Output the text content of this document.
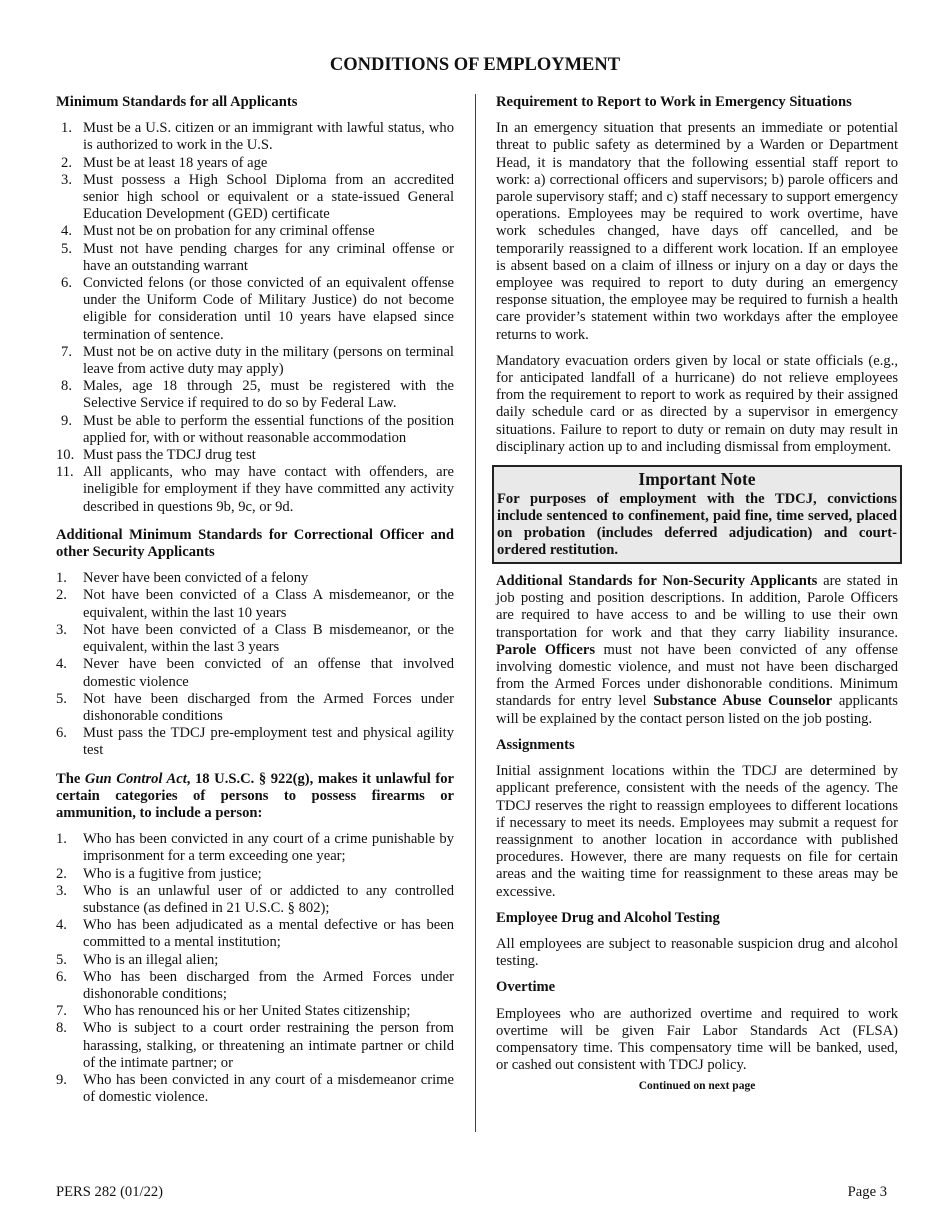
CONDITIONS OF EMPLOYMENT
Minimum Standards for all Applicants
1. Must be a U.S. citizen or an immigrant with lawful status, who is authorized to work in the U.S.
2. Must be at least 18 years of age
3. Must possess a High School Diploma from an accredited senior high school or equivalent or a state-issued General Education Development (GED) certificate
4. Must not be on probation for any criminal offense
5. Must not have pending charges for any criminal offense or have an outstanding warrant
6. Convicted felons (or those convicted of an equivalent offense under the Uniform Code of Military Justice) do not become eligible for consideration until 10 years have elapsed since termination of sentence.
7. Must not be on active duty in the military (persons on terminal leave from active duty may apply)
8. Males, age 18 through 25, must be registered with the Selective Service if required to do so by Federal Law.
9. Must be able to perform the essential functions of the position applied for, with or without reasonable accommodation
10. Must pass the TDCJ drug test
11. All applicants, who may have contact with offenders, are ineligible for employment if they have committed any activity described in questions 9b, 9c, or 9d.
Additional Minimum Standards for Correctional Officer and other Security Applicants
1.	Never have been convicted of a felony
2.	Not have been convicted of a Class A misdemeanor, or the equivalent, within the last 10 years
3.	Not have been convicted of a Class B misdemeanor, or the equivalent, within the last 3 years
4.	Never have been convicted of an offense that involved domestic violence
5.	Not have been discharged from the Armed Forces under dishonorable conditions
6.	Must pass the TDCJ pre-employment test and physical agility test
The Gun Control Act, 18 U.S.C. § 922(g), makes it unlawful for certain categories of persons to possess firearms or ammunition, to include a person:
1.	Who has been convicted in any court of a crime punishable by imprisonment for a term exceeding one year;
2.	Who is a fugitive from justice;
3.	Who is an unlawful user of or addicted to any controlled substance (as defined in 21 U.S.C. § 802);
4.	Who has been adjudicated as a mental defective or has been committed to a mental institution;
5.	Who is an illegal alien;
6.	Who has been discharged from the Armed Forces under dishonorable conditions;
7.	Who has renounced his or her United States citizenship;
8.	Who is subject to a court order restraining the person from harassing, stalking, or threatening an intimate partner or child of the intimate partner; or
9.	Who has been convicted in any court of a misdemeanor crime of domestic violence.
Requirement to Report to Work in Emergency Situations

In an emergency situation that presents an immediate or potential threat to public safety as determined by a Warden or Department Head, it is mandatory that the following essential staff report to work: a) correctional officers and supervisors; b) parole officers and parole supervisory staff; and c) staff necessary to support emergency operations. Employees may be required to work overtime, have work schedules changed, have days off cancelled, and be temporarily reassigned to a different work location. If an employee is absent based on a claim of illness or injury on a day or days the employee was required to report to duty during an emergency response situation, the employee may be required to furnish a health care provider’s statement within two workdays after the employee returns to work.

Mandatory evacuation orders given by local or state officials (e.g., for anticipated landfall of a hurricane) do not relieve employees from the requirement to report to work as required by their assigned daily schedule card or as directed by a supervisor in emergency situations. Failure to report to duty or remain on duty may result in disciplinary action up to and including dismissal from employment.

Important Note
For purposes of employment with the TDCJ, convictions include sentenced to confinement, paid fine, time served, placed on probation (includes deferred adjudication) and court-ordered restitution.

Additional Standards for Non-Security Applicants are stated in job posting and position descriptions. In addition, Parole Officers are required to have access to and be willing to use their own transportation for work and that they carry liability insurance. Parole Officers must not have been convicted of any offense involving domestic violence, and must not have been discharged from the Armed Forces under dishonorable conditions. Minimum standards for entry level Substance Abuse Counselor applicants will be explained by the contact person listed on the job posting.

Assignments

Initial assignment locations within the TDCJ are determined by applicant preference, consistent with the needs of the agency. The TDCJ reserves the right to reassign employees to different locations if necessary to meet its needs. Employees may submit a request for reassignment to another location in accordance with published procedures. However, there are many requests on file for certain areas and the waiting time for reassignment to these areas may be excessive.

Employee Drug and Alcohol Testing

All employees are subject to reasonable suspicion drug and alcohol testing.

Overtime

Employees who are authorized overtime and required to work overtime will be given Fair Labor Standards Act (FLSA) compensatory time. This compensatory time will be banked, used, or cashed out consistent with TDCJ policy.

Continued on next page
PERS 282 (01/22)	Page 3
